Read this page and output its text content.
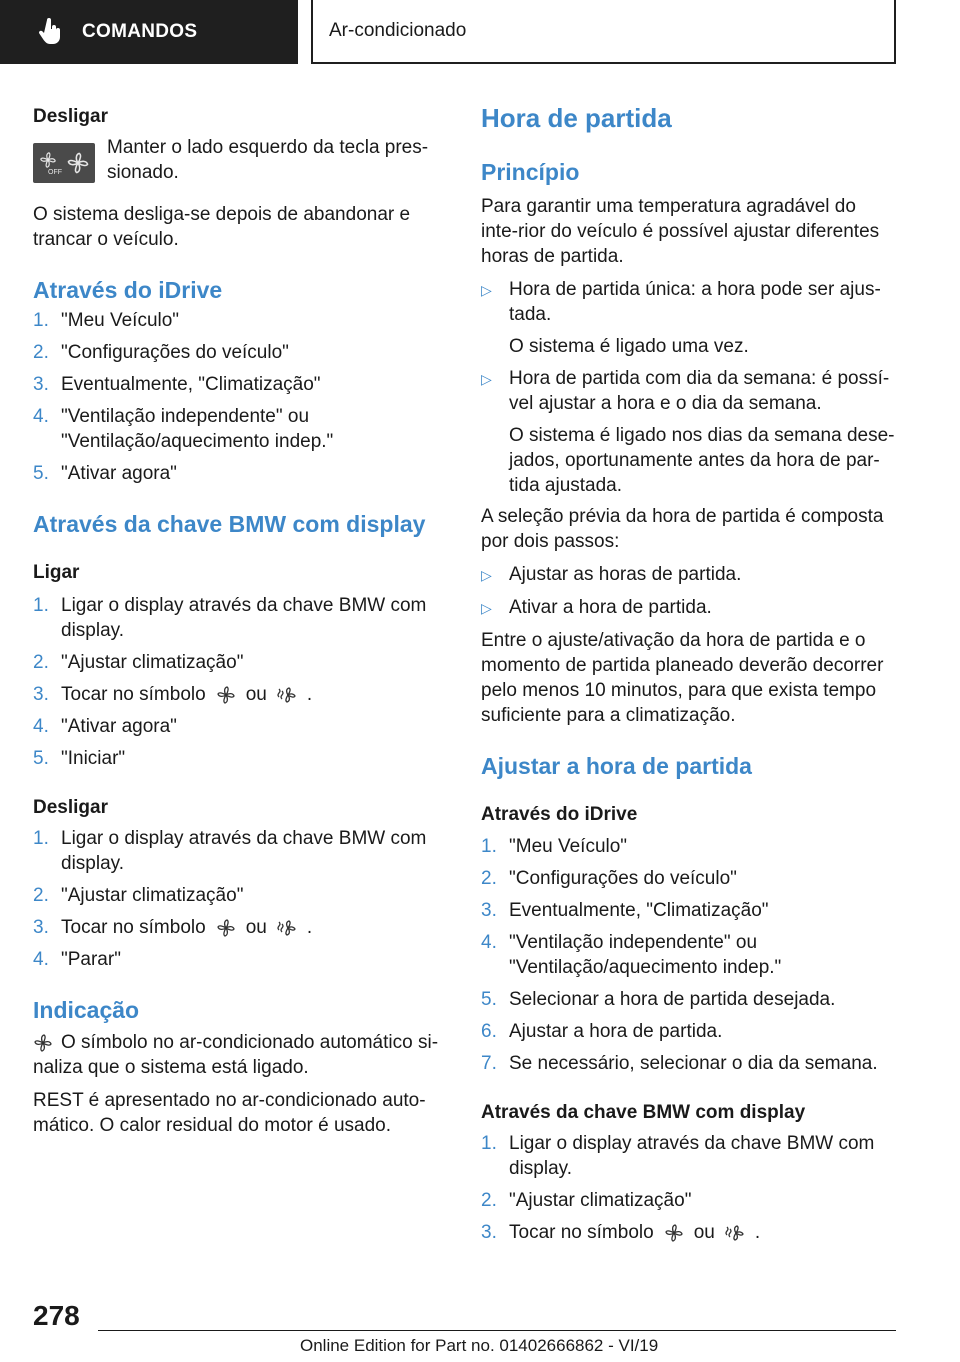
COMANDOS	Ar-condicionado
Desligar
OFF

Manter o lado esquerdo da tecla pres-sionado.

O sistema desliga-se depois de abandonar e trancar o veículo.

Através do iDrive
1. "Meu Veículo"
2. "Configurações do veículo"
3. Eventualmente, "Climatização"
4. "Ventilação independente" ou "Ventilação/aquecimento indep."
5. "Ativar agora"
Através da chave BMW com display
Ligar
1. Ligar o display através da chave BMW com display.
2. "Ajustar climatização"
3. Tocar no símbolo ou .
4. "Ativar agora"
5. "Iniciar"
Desligar
1. Ligar o display através da chave BMW com display.
2. "Ajustar climatização"
3. Tocar no símbolo ou .
4. "Parar"
Indicação

O símbolo no ar-condicionado automático si-naliza que o sistema está ligado.

REST é apresentado no ar-condicionado auto-mático. O calor residual do motor é usado.

Hora de partida
Princípio

Para garantir uma temperatura agradável do inte-rior do veículo é possível ajustar diferentes horas de partida.

▷ Hora de partida única: a hora pode ser ajus-tada.

O sistema é ligado uma vez.

▷ Hora de partida com dia da semana: é possí-vel ajustar a hora e o dia da semana.

O sistema é ligado nos dias da semana dese-jados, oportunamente antes da hora de par-tida ajustada.

A seleção prévia da hora de partida é composta por dois passos:

▷ Ajustar as horas de partida.
▷ Ativar a hora de partida.

Entre o ajuste/ativação da hora de partida e o momento de partida planeado deverão decorrer pelo menos 10 minutos, para que exista tempo suficiente para a climatização.

Ajustar a hora de partida
Através do iDrive
1. "Meu Veículo"
2. "Configurações do veículo"
3. Eventualmente, "Climatização"
4. "Ventilação independente" ou "Ventilação/aquecimento indep."
5. Selecionar a hora de partida desejada.
6. Ajustar a hora de partida.
7. Se necessário, selecionar o dia da semana.
Através da chave BMW com display
1. Ligar o display através da chave BMW com display.
2. "Ajustar climatização"
3. Tocar no símbolo ou .
278
Online Edition for Part no. 01402666862 - VI/19
